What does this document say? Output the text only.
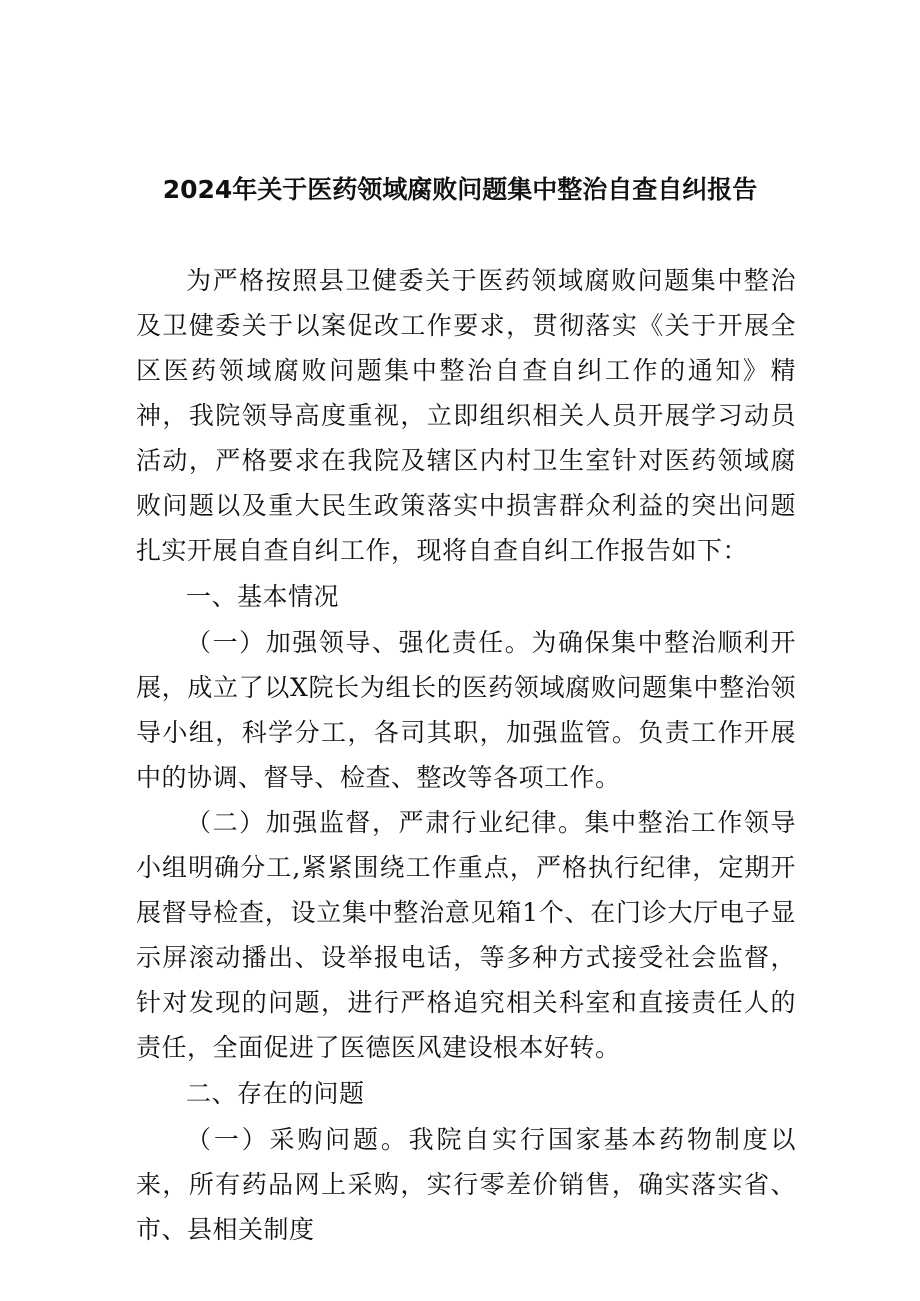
2024年关于医药领域腐败问题集中整治自查自纠报告

为严格按照县卫健委关于医药领域腐败问题集中整治及卫健委关于以案促改工作要求，贯彻落实《关于开展全区医药领域腐败问题集中整治自查自纠工作的通知》精神，我院领导高度重视，立即组织相关人员开展学习动员活动，严格要求在我院及辖区内村卫生室针对医药领域腐败问题以及重大民生政策落实中损害群众利益的突出问题扎实开展自查自纠工作，现将自查自纠工作报告如下：

一、基本情况

（一）加强领导、强化责任。为确保集中整治顺利开展，成立了以X院长为组长的医药领域腐败问题集中整治领导小组，科学分工，各司其职，加强监管。负责工作开展中的协调、督导、检查、整改等各项工作。

（二）加强监督，严肃行业纪律。集中整治工作领导小组明确分工,紧紧围绕工作重点，严格执行纪律，定期开展督导检查，设立集中整治意见箱1个、在门诊大厅电子显示屏滚动播出、设举报电话，等多种方式接受社会监督，针对发现的问题，进行严格追究相关科室和直接责任人的责任，全面促进了医德医风建设根本好转。

二、存在的问题

（一）采购问题。我院自实行国家基本药物制度以来，所有药品网上采购，实行零差价销售，确实落实省、市、县相关制度
